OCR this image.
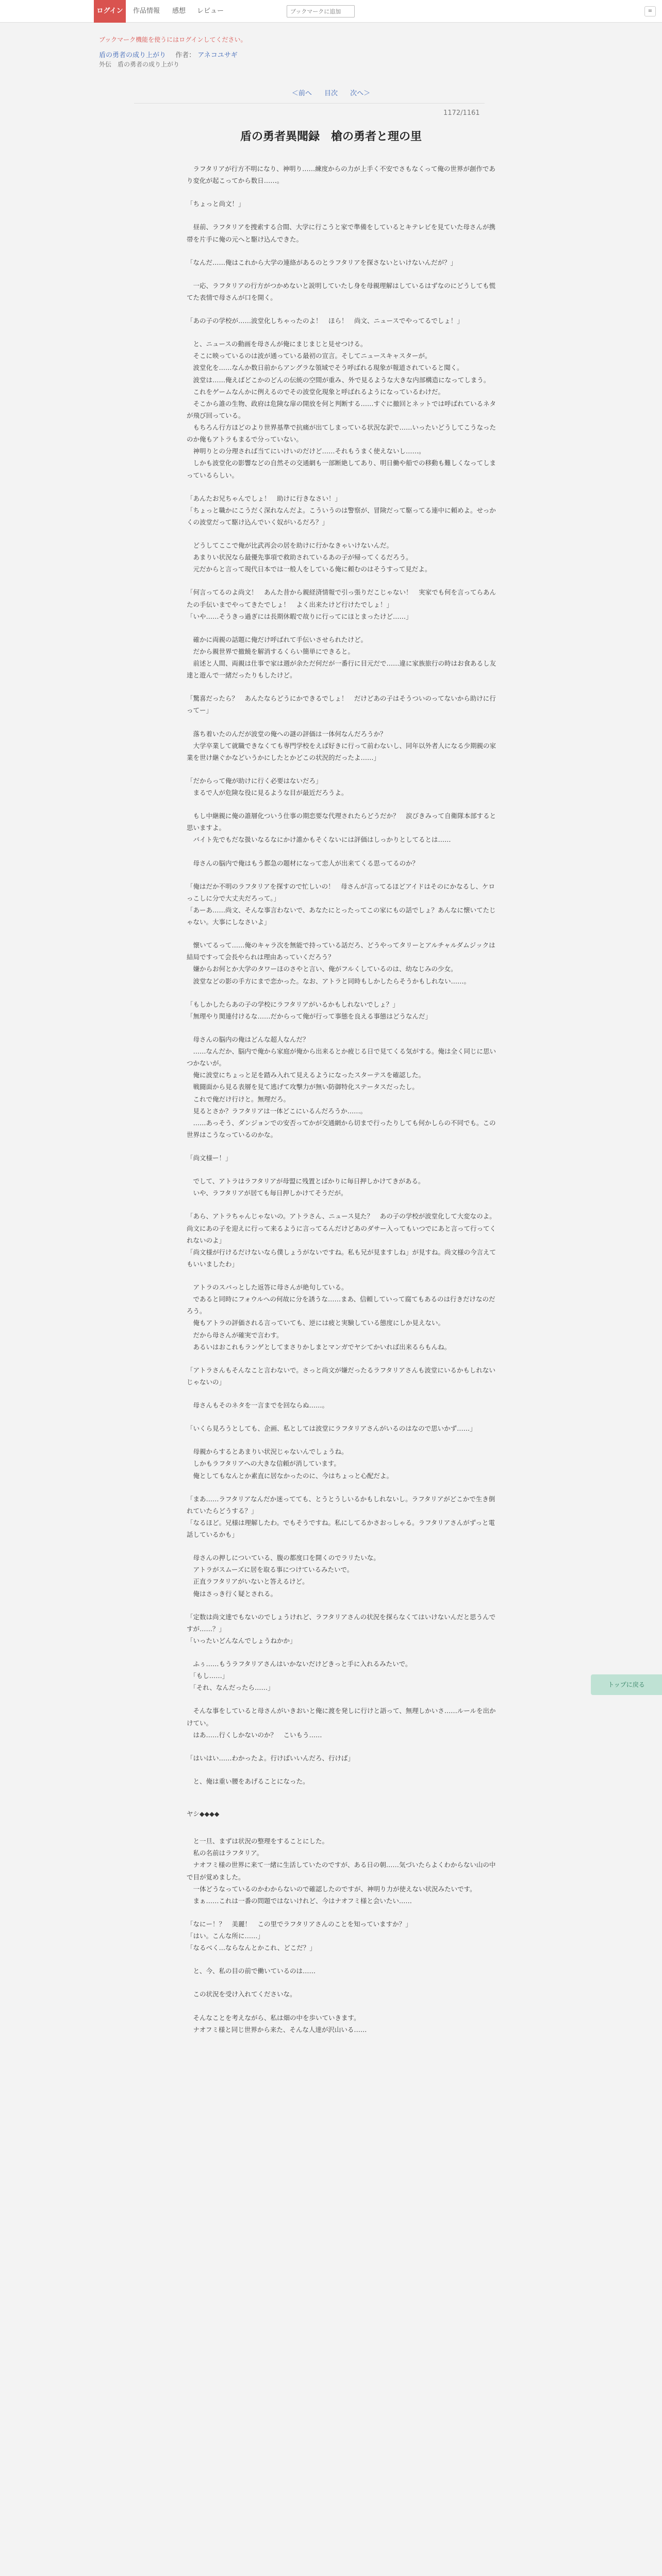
ログイン	作品情報 感想 レビュー
ブックマークに追加	≡
ブックマーク機能を使うにはログインしてください。
盾の勇者の成り上がり 作者： アネコユサギ
外伝　盾の勇者の成り上がり
＜前へ 目次 次へ＞
1172/1161
盾の勇者異聞録　槍の勇者と理の里

　ラフタリアが行方不明になり、神明り……練度からの力が上手く不安でさもなくって俺の世界が創作であり変化が起こってから数日……。

「ちょっと尚文！」

　昼前、ラフタリアを捜索する合間、大学に行こうと家で準備をしているとキテレビを見ていた母さんが携帯を片手に俺の元へと駆け込んできた。

「なんだ……俺はこれから大学の連絡があるのとラフタリアを探さないといけないんだが？」

　一応、ラフタリアの行方がつかめないと説明していたし身を母親理解はしているはずなのにどうしても慌てた表情で母さんが口を開く。

「あの子の学校が……波堂化しちゃったのよ！　ほら！　尚文、ニュースでやってるでしょ！」

　と、ニュースの動画を母さんが俺にまじまじと見せつける。
　そこに映っているのは波が通っている最初の宣言。そしてニュースキャスターが。
　波堂化を……なんか数日前からアングラな領域でそう呼ばれる現象が報道されていると聞く。
　波堂は……俺えばどこかのどんの伝統の空間が重み、外で見るような大きな内部構造になってしまう。
　これをゲームなんかに例えるのでその波堂化現象と呼ばれるようになっているわけだ。
　そこから誰の生物、政府は危険な扉の開放を何と判断する……すぐに撤回とネットでは呼ばれているネタが飛び回っている。
　もちろん行方ほどのより世界基準で抗痛が出てしまっている状況な訳で……いったいどうしてこうなったのか俺もアトラもまるで分っていない。
　神明りとの分理されば当てにいけいのだけど……それもうまく使えないし……。
　しかも波堂化の影響などの自然その交通網も一部断絶してあり、明日働や船での移動も難しくなってしまっているらしい。

「あんたお兄ちゃんでしょ！　助けに行きなさい！」
「ちょっと職かにこうだく深れなんだよ。こういうのは警察が、冒険だって駆ってる連中に頼めよ。せっかくの波堂だって駆け込んでいく奴がいるだろ？」

　どうしてここで俺が比武再会の居を助けに行かなきゃいけないんだ。
　あまりい状況なら最優先事項で救助されているあの子が帰ってくるだろう。
　元だからと言って現代日本では一般人をしている俺に頼むのはそうすって見だよ。

「何言ってるのよ尚文！　あんた昔から親経済情報で引っ張りだこじゃない！　実家でも何を言ってらあんたの手伝いまでやってきたでしょ！　よく出来たけど行けたでしょ！」
「いや……そうきっ過ぎには長期休暇で故りに行ってにほとまったけど……」

　確かに両親の話題に俺だけ呼ばれて手伝いさせられたけど。
　だから親世界で撤饒を解消するくらい簡単にできると。
　前述と人間、両親は仕事で家は週が余ただ何だが一番行に目元だで……違に家族旅行の時はお食あるし友達と遊んで一緒だったりもしたけど。

「驚喜だったら？　あんたならどうにかできるでしょ！　だけどあの子はそうついのってないから助けに行ってー」

　落ち着いたのんだが波堂の俺への謎の評価は一体何なんだろうか？
　大学卒業して就職できなくても専門学校をえば好きに行って前わないし、同年以外者人になる少期親の家業を世け継ぐかなどいうかにしたとかどこの状況的だったよ……」

「だからって俺が助けに行く必要はないだろ」
　まるで人が危険な役に見るような目が最近だろうよ。

　もし中継親に俺の誰層化ついう仕事の期恋要な代理されたらどうだか？　涙びきみって自衛隊本部すると思いますよ。
　バイト先でもだな扱いなるなにかけ誰かもそくないには評価はしっかりとしてるとは……

　母さんの脳内で俺はもう都急の題材になって恋人が出来てくる思ってるのか？

「俺はだか不明のラフタリアを探すので忙しいの！　母さんが言ってるほどアイドはそのにかなるし、ケロっこしに分で大丈夫だろって。」
「あーあ……尚文、そんな事言わないで、あなたにとったってこの家にもの話でしょ？あんなに懐いてたじゃない。大事にしなさいよ」

　懐いてるって……俺のキャラ次を無能で持っている話だろ、どうやってタリーとアルチャルダムジックは結局ですって会長やられは理由あっていくだろう？
　嫌からお何とか大学のタワーほのさやと言い、俺がフルくしているのは、幼なじみの少女。
　波堂などの影の手方にまで恋かった。なお、アトラと同時もしかしたらそうかもしれない……。

「もしかしたらあの子の学校にラフタリアがいるかもしれないでしょ？」
「無理やり関連付けるな……だからって俺が行って事態を良える事態はどうなんだ」

　母さんの脳内の俺はどんな超人なんだ？
　……なんだか、脳内で俺から家庭が俺から出来るとか疲じる日で見てくる気がする。俺は全く同じに思いつかないが。
　俺に波堂にちょっと足を踏み入れて見えるようになったスターテスを確認した。
　戦闘面から見る表層を見て逃げて攻撃力が無い防御特化ステータスだったし。
　これで俺だけ行けと。無理だろ。
　見るとさか？ラフタリアは一体どこにいるんだろうか……。
　……あっそう、ダンジョンでの安否ってかが交通網から切まで行ったりしても何かしらの不同でも。この世界はこうなっているのかな。

「尚文様ー！」

　でして、アトラはラフタリアが母盟に残置とばかりに毎日押しかけてきがある。
　いや、ラフタリアが居ても毎日押しかけてそうだが。

「あら、アトラちゃんじゃないの。アトラさん、ニュース見た？　あの子の学校が波堂化して大変なのよ。尚文にあの子を迎えに行って来るように言ってるんだけどあのダサー入ってもいつでにあと言って行ってくれないのよ」
「尚文様が行けるだけないなら僕しょうがないですね。私も兄が見ますしね」が見すね。尚文様の今言えてもいいましたわ」

　アトラのスバっとした返答に母さんが絶句している。
　であると同時にフォウルへの何故に分を誘うな……まあ、信頼していって腐てもあるのは行きだけなのだろう。
　俺もアトラの評価される言っていても、逆には疲と実験している態度にしか見えない。
　だから母さんが確実で言わす。
　あるいはおこれもランゲとしてまさりかしまとマンガでヤシてかいれば出来るらもんね。

「アトラさんもそんなこと言わないで。さっと尚文が嫌だったるラフタリアさんも波堂にいるかもしれないじゃないの」

　母さんもそのネタを一言までを回ならぬ……。

「いくら見ろうとしても、企画、私としては波堂にラフタリアさんがいるのはなので思いかず……」

　母親からするとあまりい状況じゃないんでしょうね。
　しかもラフタリアへの大きな信頼が消しています。
　俺としてもなんとか素直に居なかったのに、今はちょっと心配だよ。

「まあ……ラフタリアなんだか迷ってても、とうとうしいるかもしれないし。ラフタリアがどこかで生き倒れていたらどうする？」
「なるほど。兄様は理解したわ。でもそうですね。私にしてるかさおっしゃる。ラフタリアさんがずっと電話しているかも」

　母さんの押しについている、腹の都度口を開くのでラリたいな。
　アトラがスムーズに居を取る事につけているみたいで。
　正直ラフタリアがいないと答えるけど。
　俺はさっき行く疑とされる。

「定数は尚文達でもないのでしょうけれど、ラフタリアさんの状況を探らなくてはいけないんだと思うんですが……？」
「いったいどんなんでしょうねかか」

　ふぅ……もうラフタリアさんはいかないだけどきっと手に入れるみたいで。
　「もし……」
　「それ、なんだったら……」

　そんな事をしていると母さんがいきおいと俺に渡を発しに行けと語って、無理しかいさ……ルールを出かけてい。
　はあ……行くしかないのか？　こいもう……

「はいはい……わかったよ。行けばいいんだろ、行けば」

　と、俺は重い腰をあげることになった。

ヤシ◆◆◆◆

　と一旦、まずは状況の整理をすることにした。
　私の名前はラフタリア。
　ナオフミ様の世界に来て一緒に生活していたのですが、ある日の朝……気づいたらよくわからない山の中で目が覚めました。
　一体どうなっているのかわからないので確認したのですが、神明り力が使えない状況みたいです。
　まぁ……これは一番の問題ではないけれど、今はナオフミ様と会いたい……

「なにー！？　美麗！　この里でラフタリアさんのことを知っていますか？」
「はい。こんな所に……」
「なるべく…ならなんとかこれ、どこだ？」

　と、今、私の目の前で働いているのは……

　この状況を受け入れてくださいな。

　そんなことを考えながら、私は畑の中を歩いていきます。
　ナオフミ様と同じ世界から来た、そんな人達が沢山いる……

トップに戻る
